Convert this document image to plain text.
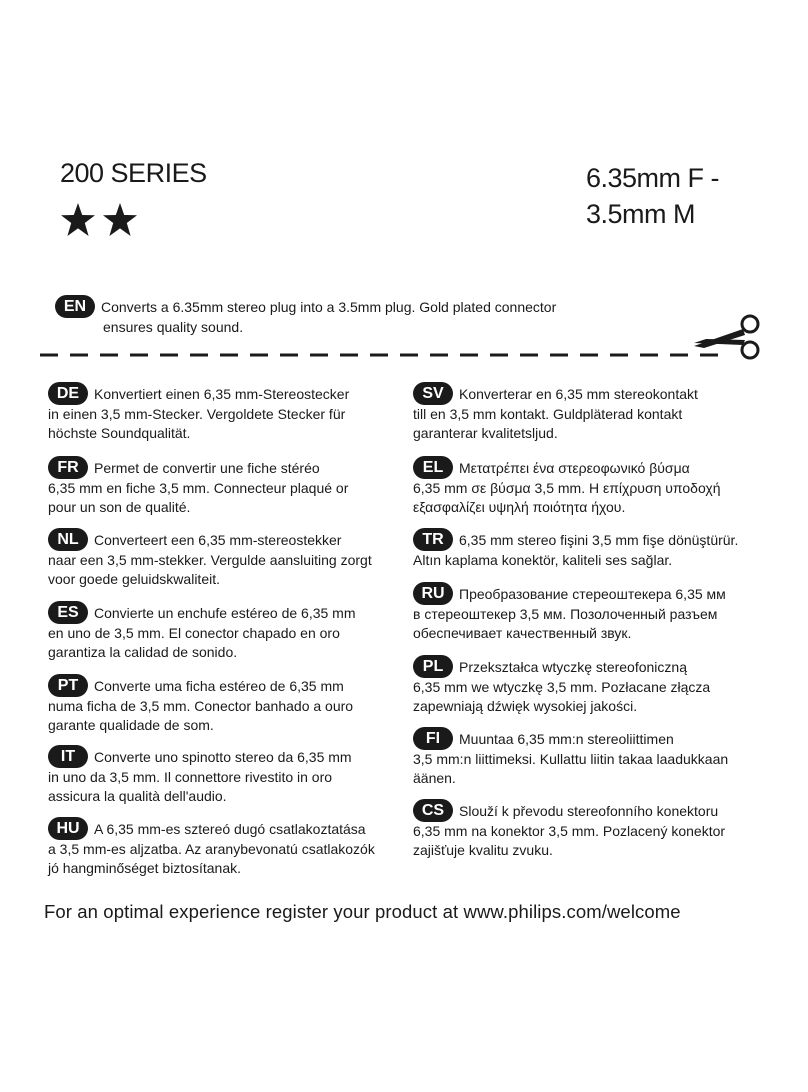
200 SERIES	6.35mm F -
3.5mm M
EN Converts a 6.35mm stereo plug into a 3.5mm plug. Gold plated connector
ensures quality sound.
DE Konvertiert einen 6,35 mm-Stereostecker
in einen 3,5 mm-Stecker. Vergoldete Stecker für
höchste Soundqualität.
FR Permet de convertir une fiche stéréo
6,35 mm en fiche 3,5 mm. Connecteur plaqué or
pour un son de qualité.
NL Converteert een 6,35 mm-stereostekker
naar een 3,5 mm-stekker. Vergulde aansluiting zorgt
voor goede geluidskwaliteit.
ES Convierte un enchufe estéreo de 6,35 mm
en uno de 3,5 mm. El conector chapado en oro
garantiza la calidad de sonido.
PT Converte uma ficha estéreo de 6,35 mm
numa ficha de 3,5 mm. Conector banhado a ouro
garante qualidade de som.
IT Converte uno spinotto stereo da 6,35 mm
in uno da 3,5 mm. Il connettore rivestito in oro
assicura la qualità dell'audio.
HU A 6,35 mm-es sztereó dugó csatlakoztatása
a 3,5 mm-es aljzatba. Az aranybevonatú csatlakozók
jó hangminőséget biztosítanak.
SV Konverterar en 6,35 mm stereokontakt
till en 3,5 mm kontakt. Guldpläterad kontakt
garanterar kvalitetsljud.
EL Μετατρέπει ένα στερεοφωνικό βύσμα
6,35 mm σε βύσμα 3,5 mm. Η επίχρυση υποδοχή
εξασφαλίζει υψηλή ποιότητα ήχου.
TR 6,35 mm stereo fişini 3,5 mm fişe dönüştürür.
Altın kaplama konektör, kaliteli ses sağlar.
RU Преобразование стереоштекера 6,35 мм
в стереоштекер 3,5 мм. Позолоченный разъем
обеспечивает качественный звук.
PL Przekształca wtyczkę stereofoniczną
6,35 mm we wtyczkę 3,5 mm. Pozłacane złącza
zapewniają dźwięk wysokiej jakości.
FI Muuntaa 6,35 mm:n stereoliittimen
3,5 mm:n liittimeksi. Kullattu liitin takaa laadukkaan
äänen.
CS Slouží k převodu stereofonního konektoru
6,35 mm na konektor 3,5 mm. Pozlacený konektor
zajišťuje kvalitu zvuku.
For an optimal experience register your product at www.philips.com/welcome
